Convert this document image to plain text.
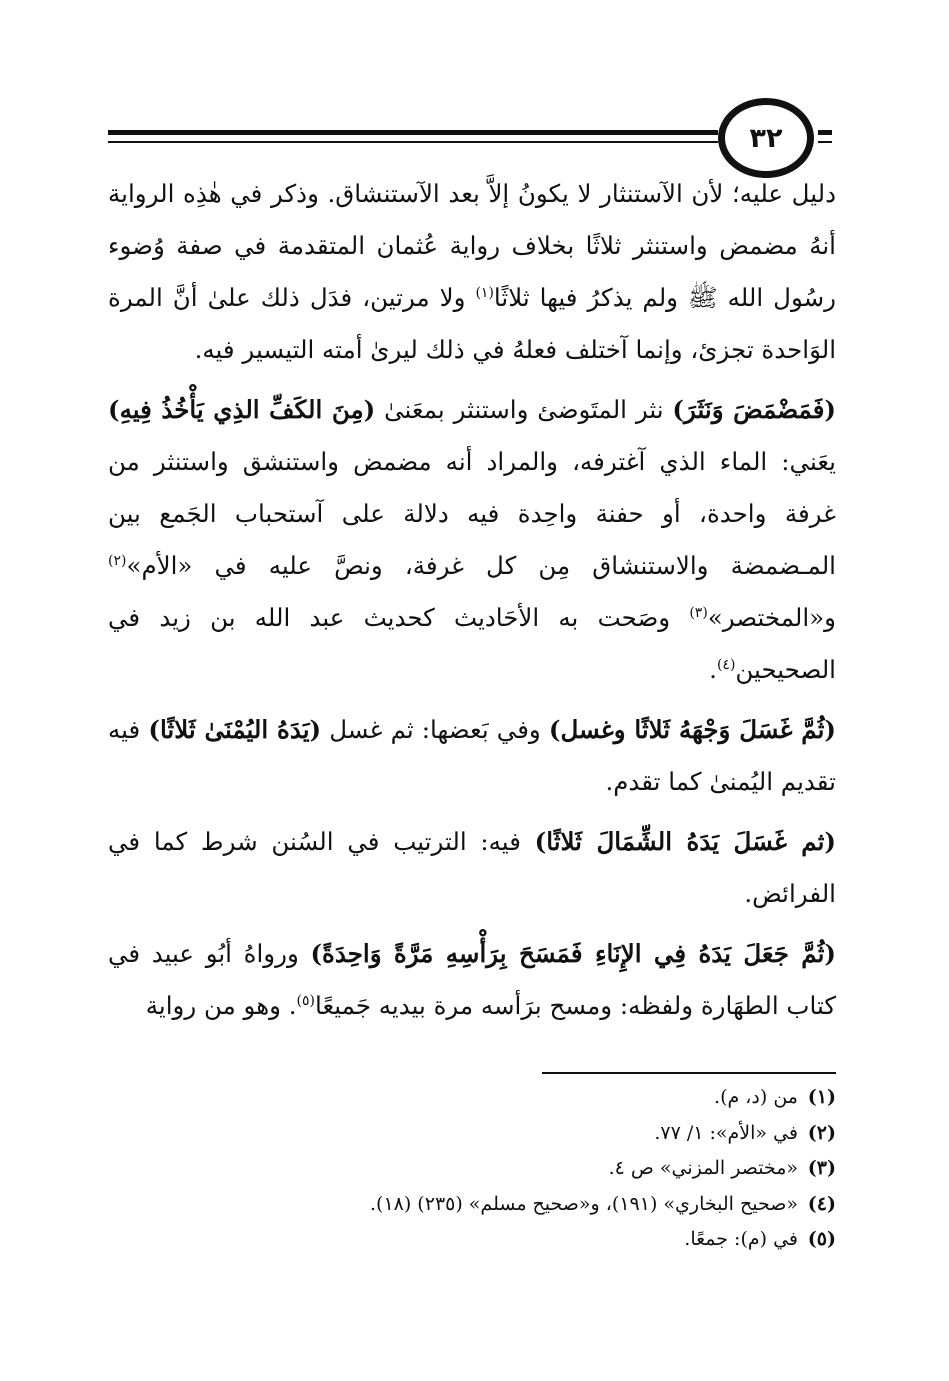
٣٢

دليل عليه؛ لأن الآستنثار لا يكونُ إلاَّ بعد الآستنشاق. وذكر في هٰذِه الرواية أنهُ مضمض واستنثر ثلاثًا بخلاف رواية عُثمان المتقدمة في صفة وُضوء رسُول الله ﷺ ولم يذكرُ فيها ثلاثًا$^{(١)}$ ولا مرتين، فدَل ذلك علىٰ أنَّ المرة الوَاحدة تجزئ، وإنما آختلف فعلهُ في ذلك ليرىٰ أمته التيسير فيه.

(فَمَضْمَضَ وَنَثَرَ) نثر المتَوضئ واستنثر بمعَنىٰ (مِنَ الكَفِّ الذِي يَأْخُذُ فِيهِ) يعَني: الماء الذي آغترفه، والمراد أنه مضمض واستنشق واستنثر من غرفة واحدة، أو حفنة واحِدة فيه دلالة على آستحباب الجَمع بين المـضمضة والاستنشاق مِن كل غرفة، ونصَّ عليه في «الأم»$^{(٢)}$ و«المختصر»$^{(٣)}$ وصَحت به الأحَاديث كحديث عبد الله بن زيد في الصحيحين$^{(٤)}$.

(ثُمَّ غَسَلَ وَجْهَهُ ثَلاثًا وغسل) وفي بَعضها: ثم غسل (يَدَهُ اليُمْنَىٰ ثَلاثًا) فيه تقديم اليُمنىٰ كما تقدم.

(ثم غَسَلَ يَدَهُ الشِّمَالَ ثَلاثًا) فيه: الترتيب في السُنن شرط كما في الفرائض.

(ثُمَّ جَعَلَ يَدَهُ فِي الإِنَاءِ فَمَسَحَ بِرَأْسِهِ مَرَّةً وَاحِدَةً) ورواهُ أبُو عبيد في كتاب الطهَارة ولفظه: ومسح برَأسه مرة بيديه جَميعًا$^{(٥)}$. وهو من رواية

(١)من (د، م).
(٢)في «الأم»: ١/ ٧٧.
(٣)«مختصر المزني» ص ٤.
(٤)«صحيح البخاري» (١٩١)، و«صحيح مسلم» (٢٣٥) (١٨).
(٥)في (م): جمعًا.
